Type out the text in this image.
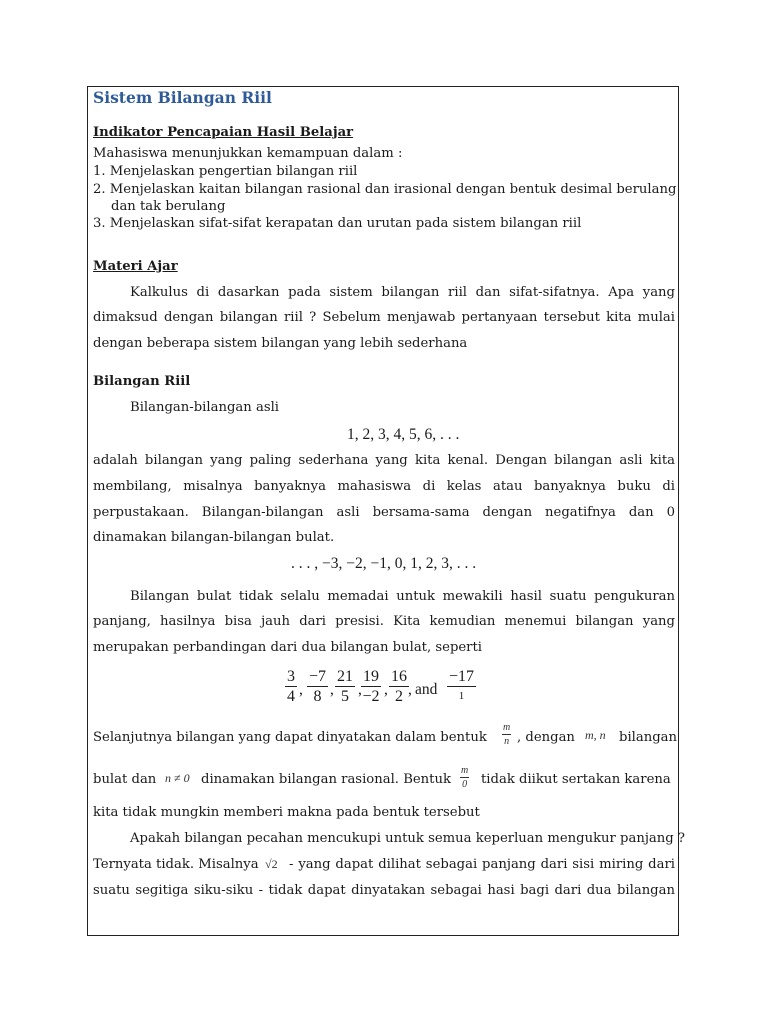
Sistem Bilangan Riil
Indikator Pencapaian Hasil Belajar
Mahasiswa menunjukkan kemampuan dalam :
1. Menjelaskan pengertian bilangan riil
2. Menjelaskan kaitan bilangan rasional dan irasional dengan bentuk desimal berulang
dan tak berulang
3. Menjelaskan sifat-sifat kerapatan dan urutan pada sistem bilangan riil
Materi Ajar
Kalkulus di dasarkan pada sistem bilangan riil dan sifat-sifatnya. Apa yang
dimaksud dengan bilangan riil ? Sebelum menjawab pertanyaan tersebut kita mulai
dengan beberapa sistem bilangan yang lebih sederhana
Bilangan Riil
Bilangan-bilangan asli
1, 2, 3, 4, 5, 6, . . .
adalah bilangan yang paling sederhana yang kita kenal. Dengan bilangan asli kita
membilang, misalnya banyaknya mahasiswa di kelas atau banyaknya buku di
perpustakaan. Bilangan-bilangan asli bersama-sama dengan negatifnya dan 0
dinamakan bilangan-bilangan bulat.
. . . , −3, −2, −1, 0, 1, 2, 3, . . .
Bilangan bulat tidak selalu memadai untuk mewakili hasil suatu pengukuran
panjang, hasilnya bisa jauh dari presisi. Kita kemudian menemui bilangan yang
merupakan perbandingan dari dua bilangan bulat, seperti
$\frac{3}{4}$ , $\frac{-7}{8}$ , $\frac{21}{5}$ , $\frac{19}{-2}$ , $\frac{16}{2}$	−17
1
, and
Selanjutnya bilangan yang dapat dinyatakan dalam bentuk $\frac{m}{n}$ , dengan m, n bilangan
bulat dan n ≠ 0 dinamakan bilangan rasional. Bentuk $\frac{m}{0}$ tidak diikut sertakan karena
kita tidak mungkin memberi makna pada bentuk tersebut
Apakah bilangan pecahan mencukupi untuk semua keperluan mengukur panjang ?
Ternyata tidak. Misalnya √2 - yang dapat dilihat sebagai panjang dari sisi miring dari
suatu segitiga siku-siku - tidak dapat dinyatakan sebagai hasi bagi dari dua bilangan
